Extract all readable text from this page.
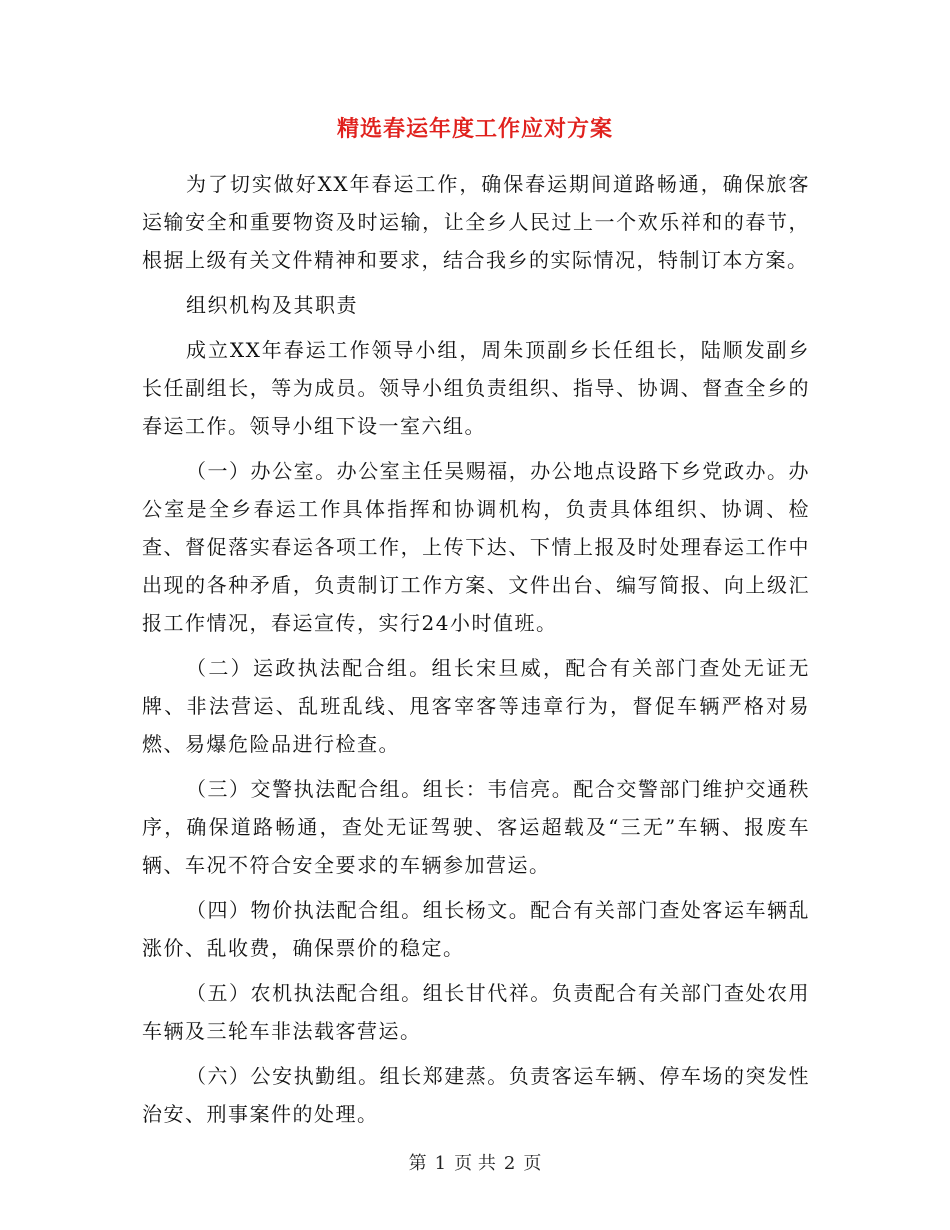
精选春运年度工作应对方案

为了切实做好XX年春运工作，确保春运期间道路畅通，确保旅客运输安全和重要物资及时运输，让全乡人民过上一个欢乐祥和的春节，根据上级有关文件精神和要求，结合我乡的实际情况，特制订本方案。

组织机构及其职责

成立XX年春运工作领导小组，周朱顶副乡长任组长，陆顺发副乡长任副组长，等为成员。领导小组负责组织、指导、协调、督查全乡的春运工作。领导小组下设一室六组。

（一）办公室。办公室主任吴赐福，办公地点设路下乡党政办。办公室是全乡春运工作具体指挥和协调机构，负责具体组织、协调、检查、督促落实春运各项工作，上传下达、下情上报及时处理春运工作中出现的各种矛盾，负责制订工作方案、文件出台、编写简报、向上级汇报工作情况，春运宣传，实行24小时值班。

（二）运政执法配合组。组长宋旦威，配合有关部门查处无证无牌、非法营运、乱班乱线、甩客宰客等违章行为，督促车辆严格对易燃、易爆危险品进行检查。

（三）交警执法配合组。组长：韦信亮。配合交警部门维护交通秩序，确保道路畅通，查处无证驾驶、客运超载及“三无”车辆、报废车辆、车况不符合安全要求的车辆参加营运。

（四）物价执法配合组。组长杨文。配合有关部门查处客运车辆乱涨价、乱收费，确保票价的稳定。

（五）农机执法配合组。组长甘代祥。负责配合有关部门查处农用车辆及三轮车非法载客营运。

（六）公安执勤组。组长郑建蒸。负责客运车辆、停车场的突发性治安、刑事案件的处理。

第 1 页 共 2 页
